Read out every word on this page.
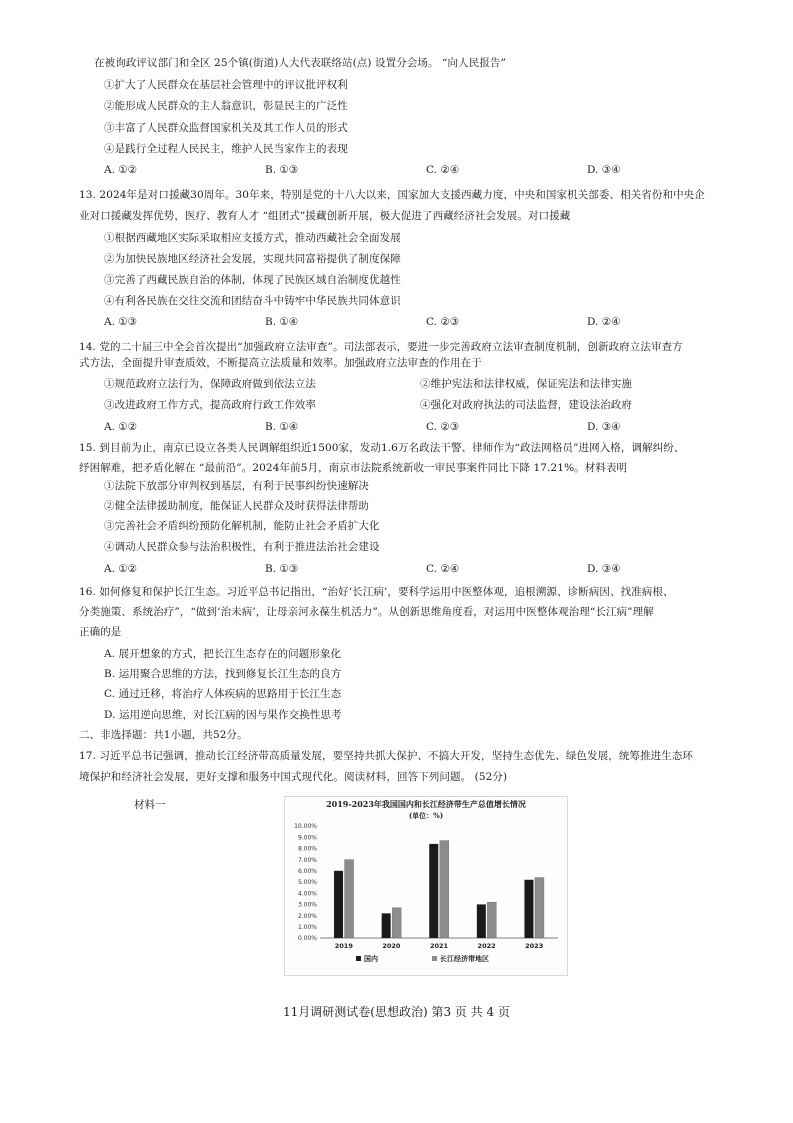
在被询政评议部门和全区 25个镇(街道)人大代表联络站(点) 设置分会场。 “向人民报告”
①扩大了人民群众在基层社会管理中的评议批评权利
②能形成人民群众的主人翁意识，彰显民主的广泛性
③丰富了人民群众监督国家机关及其工作人员的形式
④是践行全过程人民民主，维护人民当家作主的表现
A. ①②	B. ①③	C. ②④	D. ③④
13. 2024年是对口援藏30周年。30年来，特别是党的十八大以来，国家加大支援西藏力度，中央和国家机关部委、相关省份和中央企
业对口援藏发挥优势，医疗、教育人才 “组团式”援藏创新开展，极大促进了西藏经济社会发展。对口援藏
①根据西藏地区实际采取相应支援方式，推动西藏社会全面发展
②为加快民族地区经济社会发展，实现共同富裕提供了制度保障
③完善了西藏民族自治的体制，体现了民族区域自治制度优越性
④有利各民族在交往交流和团结奋斗中铸牢中华民族共同体意识
A. ①③	B. ①④	C. ②③	D. ②④
14. 党的二十届三中全会首次提出“加强政府立法审查”。司法部表示，要进一步完善政府立法审查制度机制，创新政府立法审查方
式方法，全面提升审查质效，不断提高立法质量和效率。加强政府立法审查的作用在于
①规范政府立法行为，保障政府做到依法立法	②维护宪法和法律权威，保证宪法和法律实施
③改进政府工作方式，提高政府行政工作效率	④强化对政府执法的司法监督，建设法治政府
A. ①②	B. ①④	C. ②③	D. ③④
15. 到目前为止，南京已设立各类人民调解组织近1500家，发动1.6万名政法干警、律师作为“政法网格员”进网入格，调解纠纷、
纾困解难，把矛盾化解在 “最前沿”。2024年前5月，南京市法院系统新收一审民事案件同比下降 17.21%。材料表明
①法院下放部分审判权到基层，有利于民事纠纷快速解决
②健全法律援助制度，能保证人民群众及时获得法律帮助
③完善社会矛盾纠纷预防化解机制，能防止社会矛盾扩大化
④调动人民群众参与法治积极性，有利于推进法治社会建设
A. ①②	B. ①③	C. ②④	D. ③④
16. 如何修复和保护长江生态。习近平总书记指出，“治好‘长江病’，要科学运用中医整体观，追根溯源、诊断病因、找准病根、
分类施策、系统治疗”，“做到‘治未病’，让母亲河永葆生机活力”。从创新思维角度看，对运用中医整体观治理“长江病”理解
正确的是
A. 展开想象的方式，把长江生态存在的问题形象化
B. 运用聚合思维的方法，找到修复长江生态的良方
C. 通过迁移，将治疗人体疾病的思路用于长江生态
D. 运用逆向思维，对长江病的因与果作交换性思考
二、非选择题：共1小题，共52分。
17. 习近平总书记强调，推动长江经济带高质量发展，要坚持共抓大保护、不搞大开发，坚持生态优先、绿色发展，统筹推进生态环
境保护和经济社会发展，更好支撑和服务中国式现代化。阅读材料，回答下列问题。 (52分)
材料一	2019-2023年我国国内和长江经济带生产总值增长情况
(单位：%)
0.00%
1.00%
2.00%
3.00%
4.00%
5.00%
6.00%
7.00%
8.00%
9.00%
10.00%
2019	2020	2021	2022	2023
国内	长江经济带地区
11月调研测试卷(思想政治) 第3 页 共 4 页
